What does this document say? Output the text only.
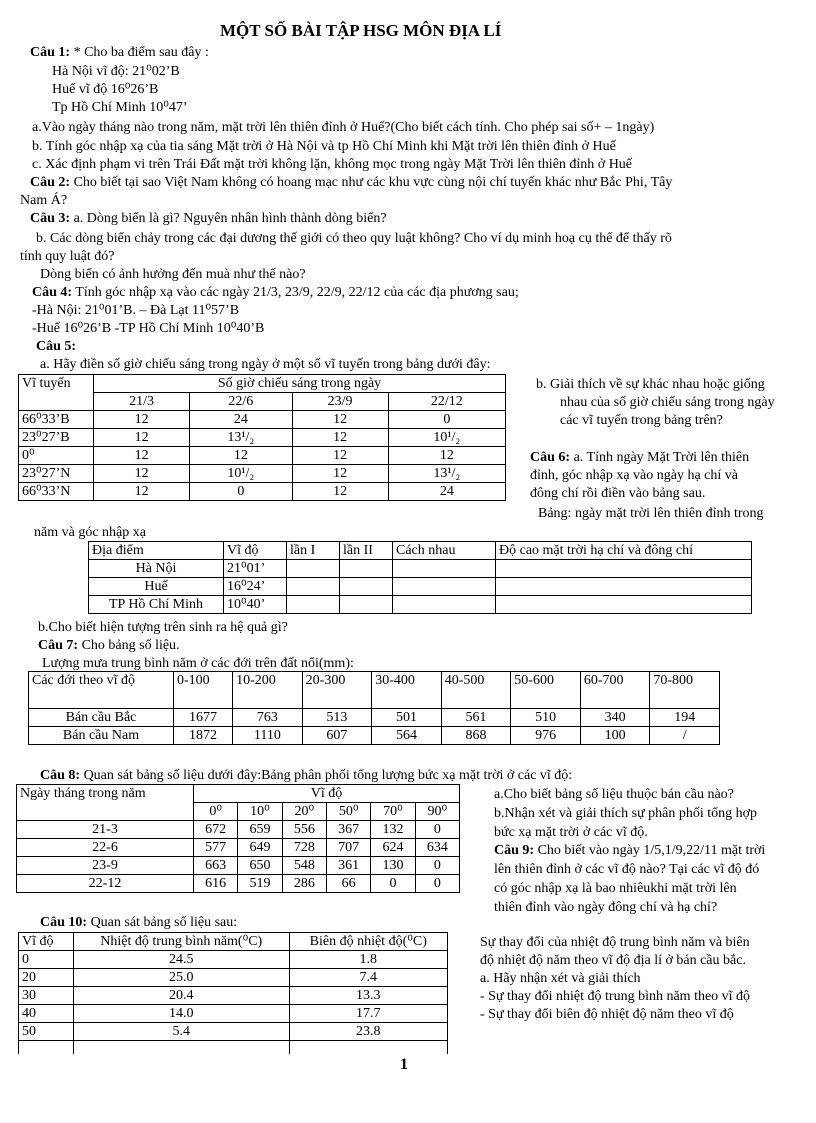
MỘT SỐ BÀI TẬP HSG MÔN ĐỊA LÍ
Câu 1: * Cho ba điểm sau đây :
Hà Nội vĩ độ: 21⁰02’B
Huế vĩ độ 16⁰26’B
Tp Hồ Chí Minh 10⁰47’
a.Vào ngày tháng nào trong năm, mặt trời lên thiên đỉnh ở Huế?(Cho biết cách tính. Cho phép sai số+ – 1ngày)
b. Tính góc nhập xạ của tia sáng Mặt trời ở Hà Nội và tp Hồ Chí Minh khi Mặt trời lên thiên đỉnh ở Huế
c. Xác định phạm vi trên Trái Đất mặt trời không lặn, không mọc trong ngày Mặt Trời lên thiên đỉnh ở Huế
Câu 2: Cho biết tại sao Việt Nam không có hoang mạc như các khu vực cùng nội chí tuyến khác như Bắc Phi, Tây
Nam Á?
Câu 3: a. Dòng biển là gì? Nguyên nhân hình thành dòng biển?
b. Các dòng biển chảy trong các đại dương thế giới có theo quy luật không? Cho ví dụ minh hoạ cụ thể để thấy rõ
tính quy luật đó?
Dòng biển có ảnh hưởng đến muà như thế nào?
Câu 4: Tính góc nhập xạ vào các ngày 21/3, 23/9, 22/9, 22/12 của các địa phương sau;
-Hà Nội: 21⁰01’B. – Đà Lạt 11⁰57’B
-Huế 16⁰26’B -TP Hồ Chí Minh 10⁰40’B
Câu 5:
a. Hãy điền số giờ chiếu sáng trong ngày ở một số vĩ tuyến trong bảng dưới đây:
Vĩ tuyến	Số giờ chiếu sáng trong ngày			
	21/3	22/6	23/9	22/12
66⁰33’B	12	24	12	0
23⁰27’B	12	13¹/₂	12	10¹/₂
0⁰	12	12	12	12
23⁰27’N	12	10¹/₂	12	13¹/₂
66⁰33’N	12	0	12	24
b. Giải thích về sự khác nhau hoặc giống
nhau của số giờ chiếu sáng trong ngày
các vĩ tuyến trong bảng trên?
Câu 6: a. Tính ngày Mặt Trời lên thiên
đỉnh, góc nhập xạ vào ngày hạ chí và
đông chí rồi điền vào bảng sau.
Bảng: ngày mặt trời lên thiên đỉnh trong
năm và góc nhập xạ
Địa điểm	Vĩ độ	lần I	lần II	Cách nhau	Độ cao mặt trời hạ chí và đông chí
Hà Nội	21⁰01’				
Huế	16⁰24’				
TP Hồ Chí Minh	10⁰40’				
b.Cho biết hiện tượng trên sinh ra hệ quả gì?
Câu 7: Cho bảng số liệu.
Lượng mưa trung bình năm ở các đới trên đất nổi(mm):
Các đới theo vĩ độ	0-100	10-200	20-300	30-400	40-500	50-600	60-700	70-800
Bán cầu Bắc	1677	763	513	501	561	510	340	194
Bán cầu Nam	1872	1110	607	564	868	976	100	/
Câu 8: Quan sát bảng số liệu dưới đây:Bảng phân phối tổng lượng bức xạ mặt trời ở các vĩ độ:
Ngày tháng trong năm	Vĩ độ					
	0⁰	10⁰	20⁰	50⁰	70⁰	90⁰
21-3	672	659	556	367	132	0
22-6	577	649	728	707	624	634
23-9	663	650	548	361	130	0
22-12	616	519	286	66	0	0
a.Cho biết bảng số liệu thuộc bán cầu nào?
b.Nhận xét và giải thích sự phân phối tổng hợp
bức xạ mặt trời ở các vĩ độ.
Câu 9: Cho biết vào ngày 1/5,1/9,22/11 mặt trời
lên thiên đỉnh ở các vĩ độ nào? Tại các vĩ độ đó
có góc nhập xạ là bao nhiêukhi mặt trời lên
thiên đỉnh vào ngày đông chí và hạ chí?
Câu 10: Quan sát bảng số liệu sau:
Vĩ độ	Nhiệt độ trung bình năm(⁰C)	Biên độ nhiệt độ(⁰C)
0	24.5	1.8
20	25.0	7.4
30	20.4	13.3
40	14.0	17.7
50	5.4	23.8

Sự thay đổi của nhiệt độ trung bình năm và biên
độ nhiệt độ năm theo vĩ độ địa lí ở bán cầu bắc.
a. Hãy nhận xét và giải thích
- Sự thay đổi nhiệt độ trung bình năm theo vĩ độ
- Sự thay đổi biên độ nhiệt độ năm theo vĩ độ
1
